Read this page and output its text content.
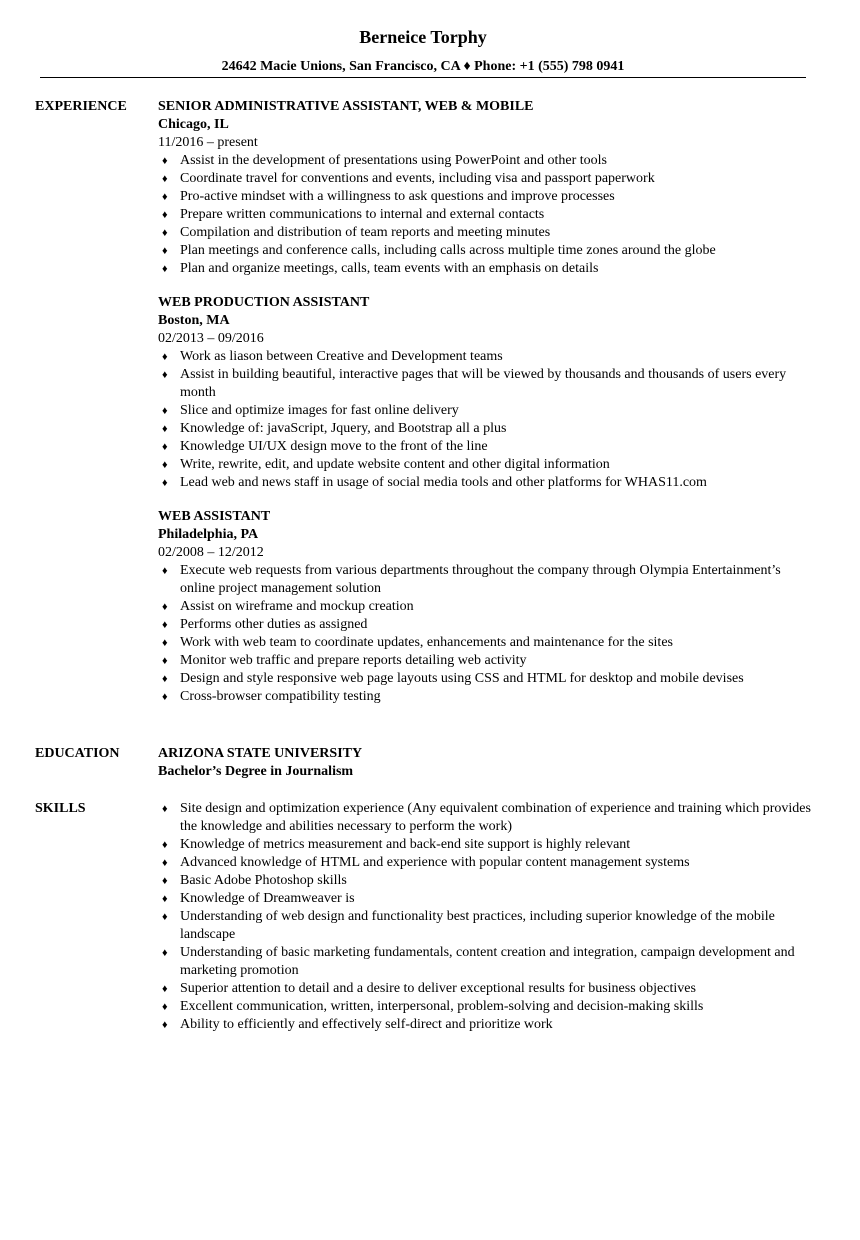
Berneice Torphy
24642 Macie Unions, San Francisco, CA ♦ Phone: +1 (555) 798 0941
EXPERIENCE SENIOR ADMINISTRATIVE ASSISTANT, WEB & MOBILE
Chicago, IL
11/2016 – present
♦ Assist in the development of presentations using PowerPoint and other tools
♦ Coordinate travel for conventions and events, including visa and passport paperwork
♦ Pro-active mindset with a willingness to ask questions and improve processes
♦ Prepare written communications to internal and external contacts
♦ Compilation and distribution of team reports and meeting minutes
♦ Plan meetings and conference calls, including calls across multiple time zones around the globe
♦ Plan and organize meetings, calls, team events with an emphasis on details
WEB PRODUCTION ASSISTANT
Boston, MA
02/2013 – 09/2016
♦ Work as liason between Creative and Development teams
♦ Assist in building beautiful, interactive pages that will be viewed by thousands and thousands of users every month
♦ Slice and optimize images for fast online delivery
♦ Knowledge of: javaScript, Jquery, and Bootstrap all a plus
♦ Knowledge UI/UX design move to the front of the line
♦ Write, rewrite, edit, and update website content and other digital information
♦ Lead web and news staff in usage of social media tools and other platforms for WHAS11.com
WEB ASSISTANT
Philadelphia, PA
02/2008 – 12/2012
♦ Execute web requests from various departments throughout the company through Olympia Entertainment’s online project management solution
♦ Assist on wireframe and mockup creation
♦ Performs other duties as assigned
♦ Work with web team to coordinate updates, enhancements and maintenance for the sites
♦ Monitor web traffic and prepare reports detailing web activity
♦ Design and style responsive web page layouts using CSS and HTML for desktop and mobile devises
♦ Cross-browser compatibility testing
EDUCATION	ARIZONA STATE UNIVERSITY
Bachelor’s Degree in Journalism
SKILLS	♦ Site design and optimization experience (Any equivalent combination of experience and training which provides the knowledge and abilities necessary to perform the work)
♦ Knowledge of metrics measurement and back-end site support is highly relevant
♦ Advanced knowledge of HTML and experience with popular content management systems
♦ Basic Adobe Photoshop skills
♦ Knowledge of Dreamweaver is
♦ Understanding of web design and functionality best practices, including superior knowledge of the mobile landscape
♦ Understanding of basic marketing fundamentals, content creation and integration, campaign development and marketing promotion
♦ Superior attention to detail and a desire to deliver exceptional results for business objectives
♦ Excellent communication, written, interpersonal, problem-solving and decision-making skills
♦ Ability to efficiently and effectively self-direct and prioritize work
